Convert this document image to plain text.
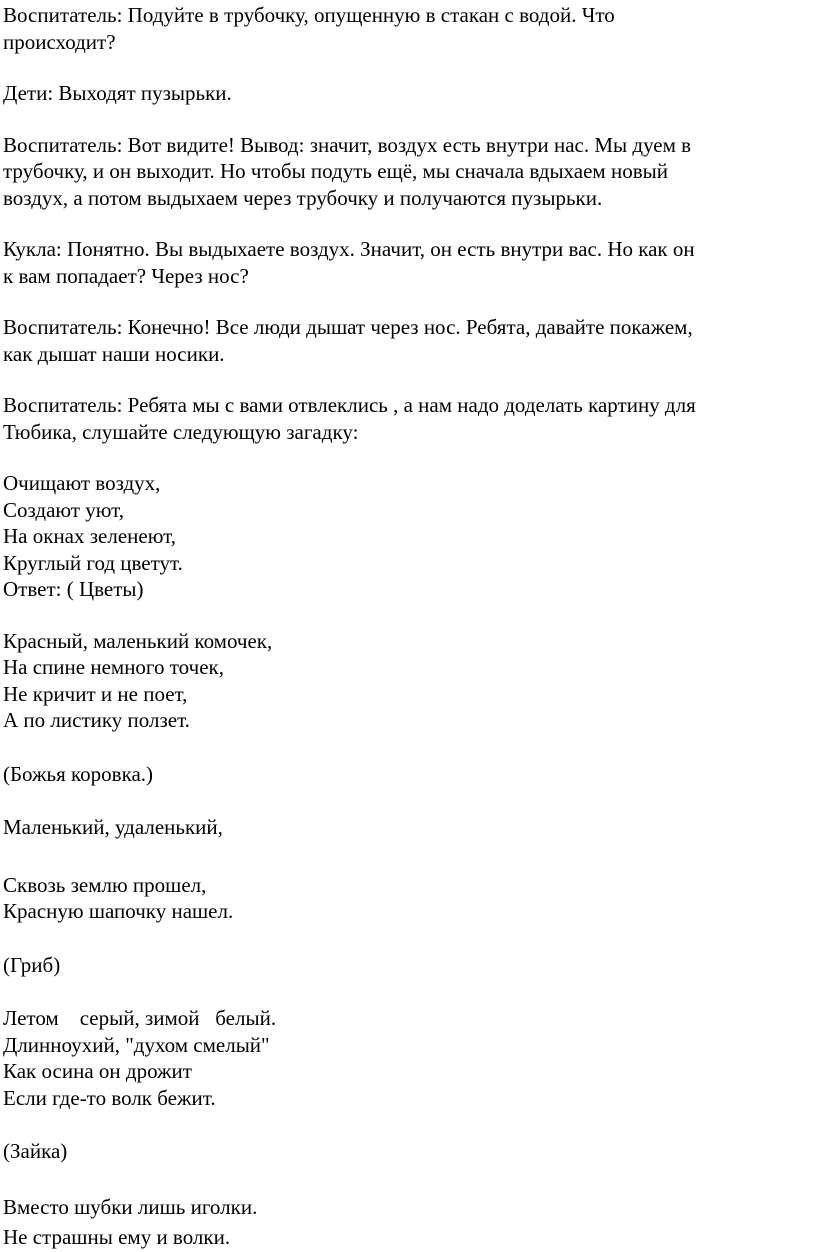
Воспитатель: Подуйте в трубочку, опущенную в стакан с водой. Что

происходит?

Дети: Выходят пузырьки.

Воспитатель: Вот видите! Вывод: значит, воздух есть внутри нас. Мы дуем в

трубочку, и он выходит. Но чтобы подуть ещё, мы сначала вдыхаем новый

воздух, а потом выдыхаем через трубочку и получаются пузырьки.

Кукла: Понятно. Вы выдыхаете воздух. Значит, он есть внутри вас. Но как он

к вам попадает? Через нос?

Воспитатель: Конечно! Все люди дышат через нос. Ребята, давайте покажем,

как дышат наши носики.

Воспитатель: Ребята мы с вами отвлеклись , а нам надо доделать картину для

Тюбика, слушайте следующую загадку:

Очищают воздух,

Создают уют,

На окнах зеленеют,

Круглый год цветут.

Ответ: ( Цветы)

Красный, маленький комочек,

На спине немного точек,

Не кричит и не поет,

А по листику ползет.

(Божья коровка.)

Маленький, удаленький,

Сквозь землю прошел,

Красную шапочку нашел.

(Гриб)

Летом    серый, зимой   белый.

Длинноухий, "духом смелый"

Как осина он дрожит

Если где-то волк бежит.

(Зайка)

Вместо шубки лишь иголки.

Не страшны ему и волки.
